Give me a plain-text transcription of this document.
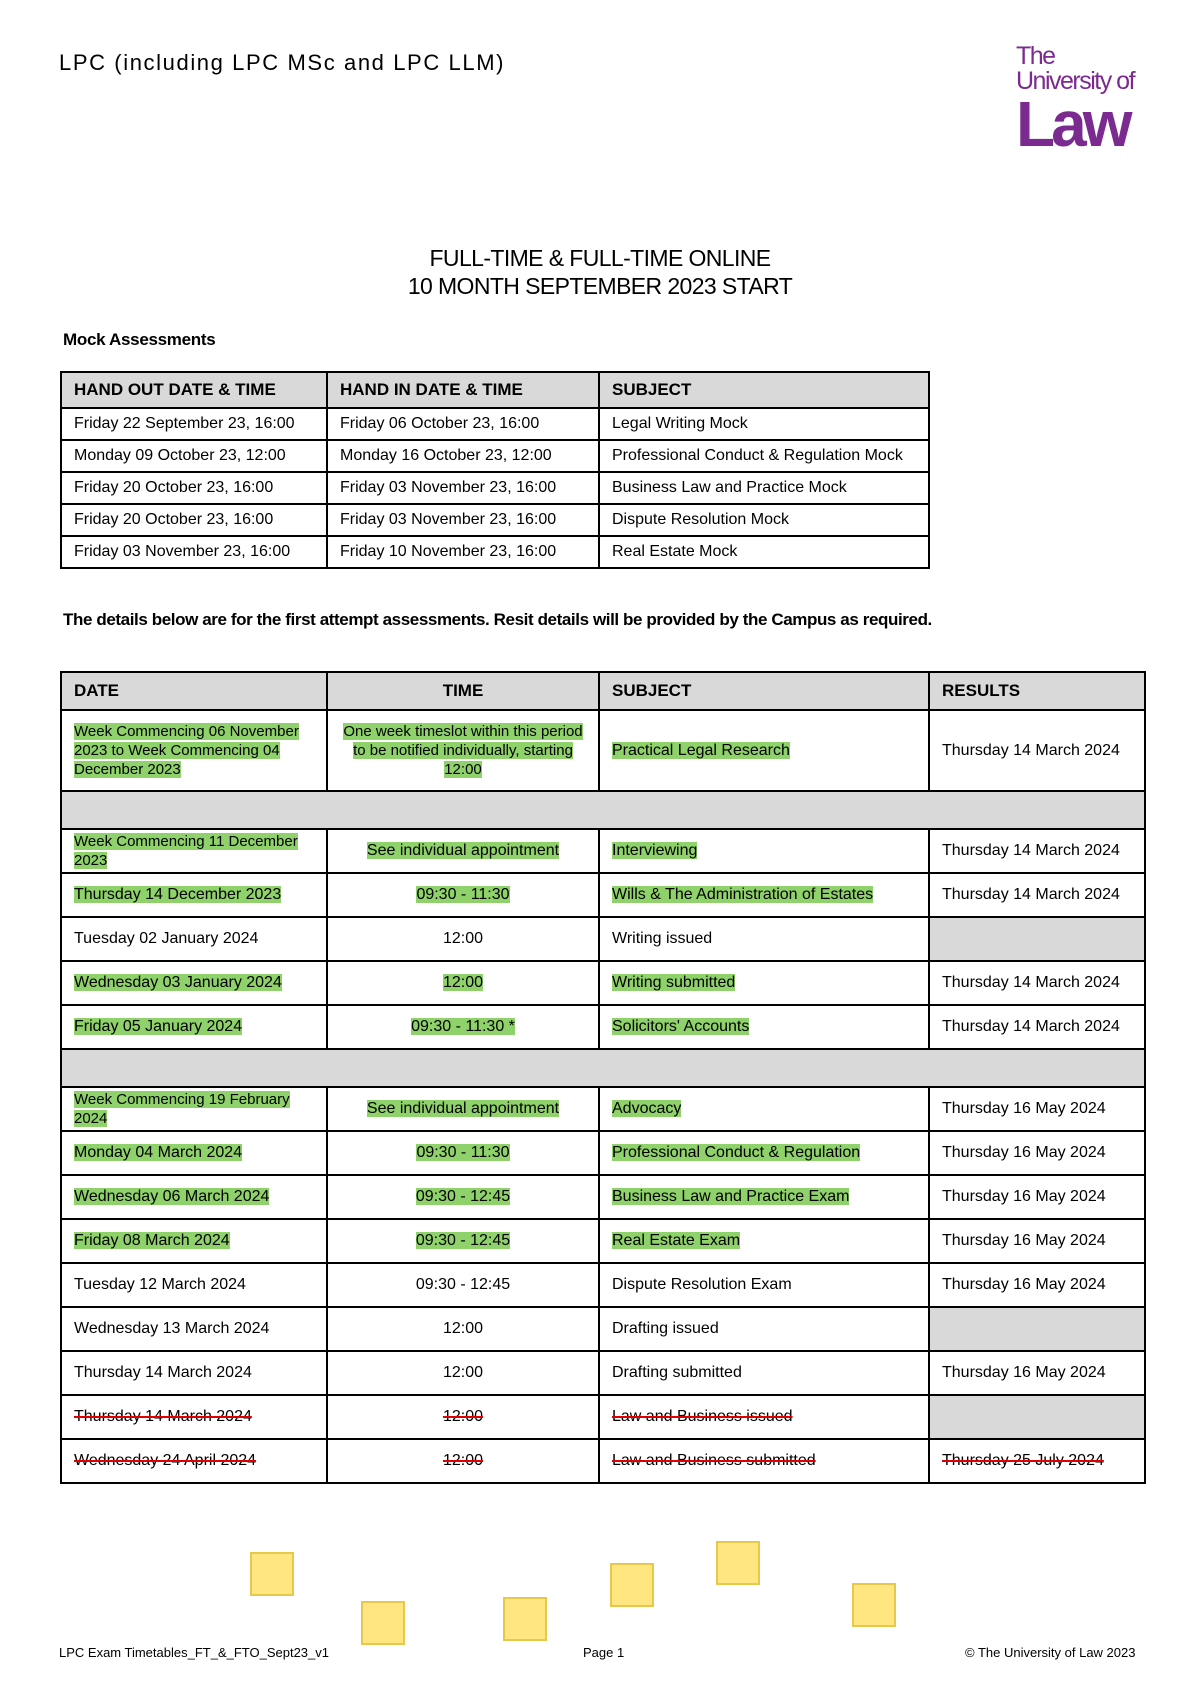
LPC (including LPC MSc and LPC LLM)	The
University of
Law
FULL-TIME & FULL-TIME ONLINE
10 MONTH SEPTEMBER 2023 START
Mock Assessments
HAND OUT DATE & TIME	HAND IN DATE & TIME	SUBJECT
Friday 22 September 23, 16:00	Friday 06 October 23, 16:00	Legal Writing Mock
Monday 09 October 23, 12:00	Monday 16 October 23, 12:00	Professional Conduct & Regulation Mock
Friday 20 October 23, 16:00	Friday 03 November 23, 16:00	Business Law and Practice Mock
Friday 20 October 23, 16:00	Friday 03 November 23, 16:00	Dispute Resolution Mock
Friday 03 November 23, 16:00	Friday 10 November 23, 16:00	Real Estate Mock
The details below are for the first attempt assessments. Resit details will be provided by the Campus as required.
DATE	TIME	SUBJECT	RESULTS
Week Commencing 06 November 2023 to Week Commencing 04 December 2023	One week timeslot within this period to be notified individually, starting 12:00	Practical Legal Research	Thursday 14 March 2024

Week Commencing 11 December 2023	See individual appointment	Interviewing	Thursday 14 March 2024
Thursday 14 December 2023	09:30 - 11:30	Wills & The Administration of Estates	Thursday 14 March 2024
Tuesday 02 January 2024	12:00	Writing issued	
Wednesday 03 January 2024	12:00	Writing submitted	Thursday 14 March 2024
Friday 05 January 2024	09:30 - 11:30 *	Solicitors' Accounts	Thursday 14 March 2024

Week Commencing 19 February 2024	See individual appointment	Advocacy	Thursday 16 May 2024
Monday 04 March 2024	09:30 - 11:30	Professional Conduct & Regulation	Thursday 16 May 2024
Wednesday 06 March 2024	09:30 - 12:45	Business Law and Practice Exam	Thursday 16 May 2024
Friday 08 March 2024	09:30 - 12:45	Real Estate Exam	Thursday 16 May 2024
Tuesday 12 March 2024	09:30 - 12:45	Dispute Resolution Exam	Thursday 16 May 2024
Wednesday 13 March 2024	12:00	Drafting issued	
Thursday 14 March 2024	12:00	Drafting submitted	Thursday 16 May 2024
Thursday 14 March 2024	12:00	Law and Business issued	
Wednesday 24 April 2024	12:00	Law and Business submitted	Thursday 25 July 2024
LPC Exam Timetables_FT_&_FTO_Sept23_v1	Page 1	© The University of Law 2023
